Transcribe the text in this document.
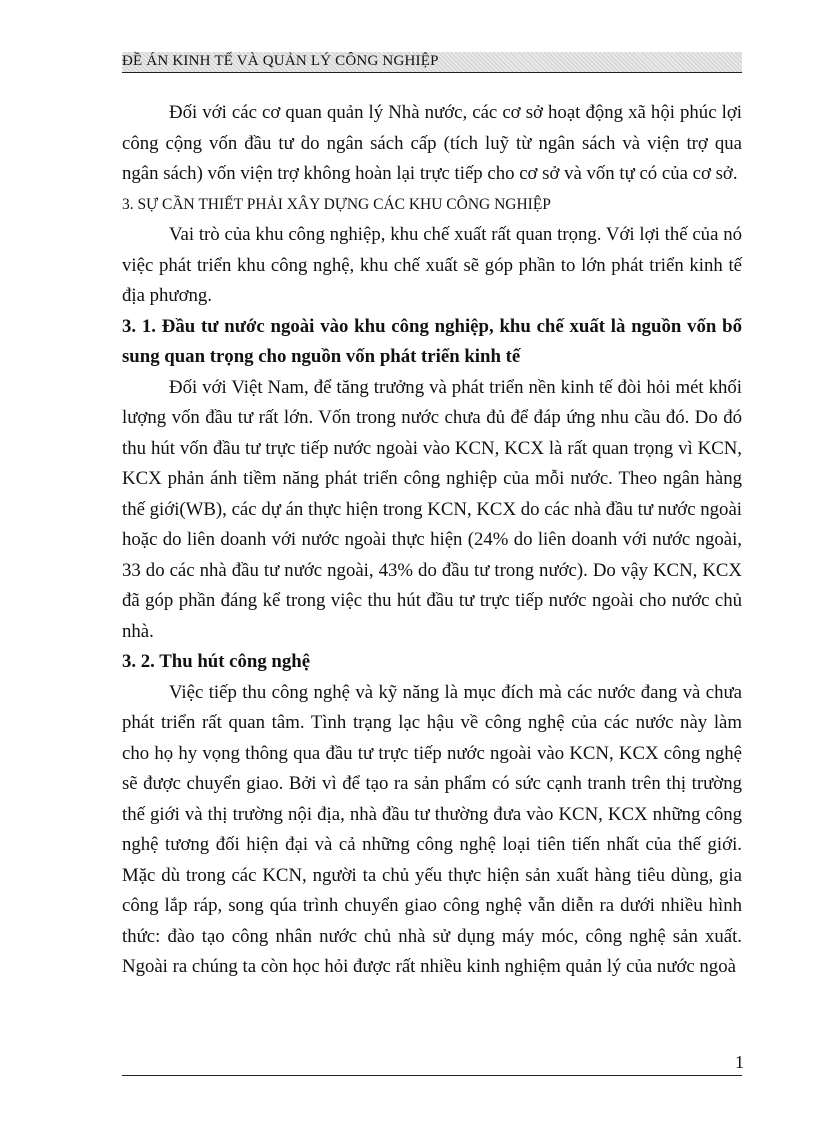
ĐỀ ÁN KINH TẾ VÀ QUẢN LÝ CÔNG NGHIỆP

Đối với các cơ quan quản lý Nhà nước, các cơ sở hoạt động xã hội phúc lợi công cộng vốn đầu tư do ngân sách cấp (tích luỹ từ ngân sách và viện trợ qua ngân sách) vốn viện trợ không hoàn lại trực tiếp cho cơ sở và vốn tự có của cơ sở.

3. SỰ CẦN THIẾT PHẢI XÂY DỰNG CÁC KHU CÔNG NGHIỆP

Vai trò của khu công nghiệp, khu chế xuất rất quan trọng. Với lợi thế của nó việc phát triển khu công nghệ, khu chế xuất sẽ góp phần to lớn phát triển kinh tế địa phương.

3. 1. Đầu tư nước ngoài vào khu công nghiệp, khu chế xuất là nguồn vốn bổ sung quan trọng cho nguồn vốn phát triển kinh tế

Đối với Việt Nam, để tăng trưởng và phát triển nền kinh tế đòi hỏi mét khối lượng vốn đầu tư rất lớn. Vốn trong nước chưa đủ để đáp ứng nhu cầu đó. Do đó thu hút vốn đầu tư trực tiếp nước ngoài vào KCN, KCX là rất quan trọng vì KCN, KCX phản ánh tiềm năng phát triển công nghiệp của mỗi nước. Theo ngân hàng thế giới(WB), các dự án thực hiện trong KCN, KCX do các nhà đầu tư nước ngoài hoặc do liên doanh với nước ngoài thực hiện (24% do liên doanh với nước ngoài, 33 do các nhà đầu tư nước ngoài, 43% do đầu tư trong nước). Do vậy KCN, KCX đã góp phần đáng kể trong việc thu hút đầu tư trực tiếp nước ngoài cho nước chủ nhà.

3. 2. Thu hút công nghệ

Việc tiếp thu công nghệ và kỹ năng là mục đích mà các nước đang và chưa phát triển rất quan tâm. Tình trạng lạc hậu về công nghệ của các nước này làm cho họ hy vọng thông qua đầu tư trực tiếp nước ngoài vào KCN, KCX công nghệ sẽ được chuyển giao. Bởi vì để tạo ra sản phẩm có sức cạnh tranh trên thị trường thế giới và thị trường nội địa, nhà đầu tư thường đưa vào KCN, KCX những công nghệ tương đối hiện đại và cả những công nghệ loại tiên tiến nhất của thế giới. Mặc dù trong các KCN, người ta chủ yếu thực hiện sản xuất hàng tiêu dùng, gia công lắp ráp, song qúa trình chuyển giao công nghệ vẫn diễn ra dưới nhiều hình thức: đào tạo công nhân nước chủ nhà sử dụng máy móc, công nghệ sản xuất. Ngoài ra chúng ta còn học hỏi được rất nhiều kinh nghiệm quản lý của nước ngoà

1
